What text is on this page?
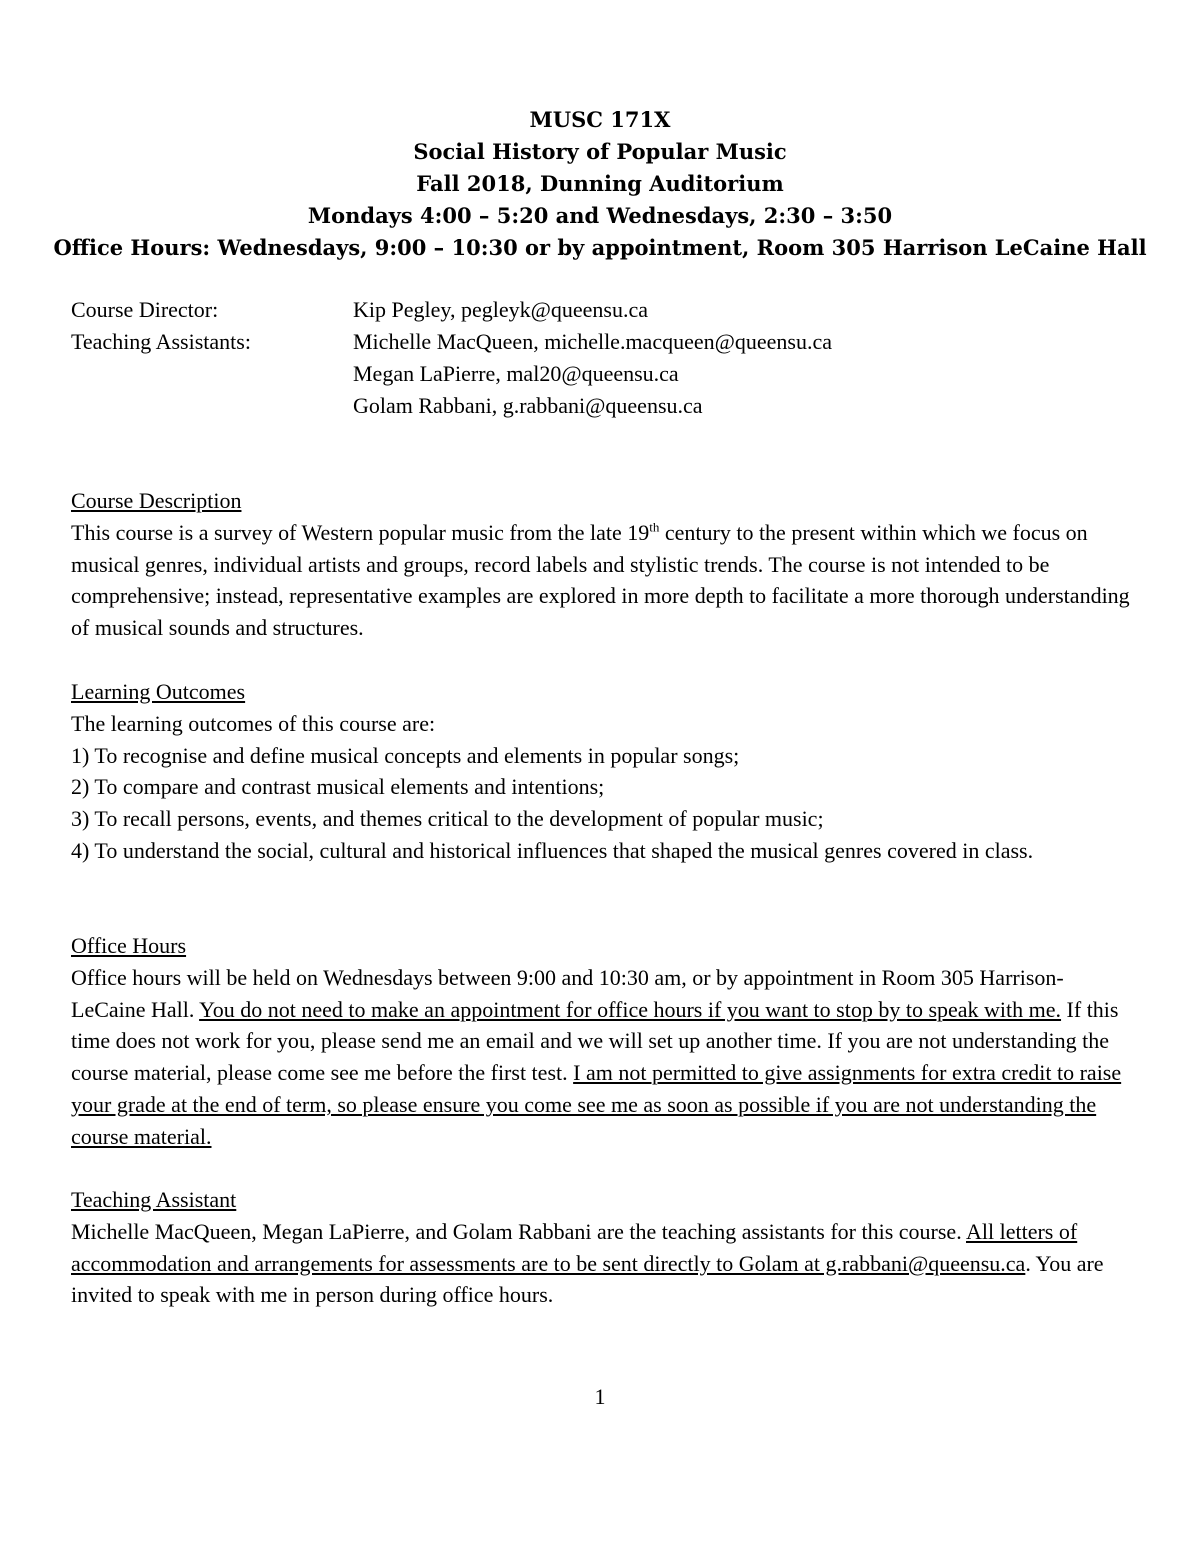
MUSC 171X
Social History of Popular Music
Fall 2018, Dunning Auditorium
Mondays 4:00 – 5:20 and Wednesdays, 2:30 – 3:50
Office Hours: Wednesdays, 9:00 – 10:30 or by appointment, Room 305 Harrison LeCaine Hall
Course Director:	Kip Pegley, pegleyk@queensu.ca
Teaching Assistants:	Michelle MacQueen, michelle.macqueen@queensu.ca
Megan LaPierre, mal20@queensu.ca
Golam Rabbani, g.rabbani@queensu.ca

Course Description

This course is a survey of Western popular music from the late 19th century to the present within which we focus on musical genres, individual artists and groups, record labels and stylistic trends. The course is not intended to be comprehensive; instead, representative examples are explored in more depth to facilitate a more thorough understanding of musical sounds and structures.

Learning Outcomes

The learning outcomes of this course are:

1) To recognise and define musical concepts and elements in popular songs;

2) To compare and contrast musical elements and intentions;

3) To recall persons, events, and themes critical to the development of popular music;

4) To understand the social, cultural and historical influences that shaped the musical genres covered in class.

Office Hours

Office hours will be held on Wednesdays between 9:00 and 10:30 am, or by appointment in Room 305 Harrison-LeCaine Hall. You do not need to make an appointment for office hours if you want to stop by to speak with me. If this time does not work for you, please send me an email and we will set up another time. If you are not understanding the course material, please come see me before the first test. I am not permitted to give assignments for extra credit to raise your grade at the end of term, so please ensure you come see me as soon as possible if you are not understanding the course material.

Teaching Assistant

Michelle MacQueen, Megan LaPierre, and Golam Rabbani are the teaching assistants for this course. All letters of accommodation and arrangements for assessments are to be sent directly to Golam at g.rabbani@queensu.ca. You are invited to speak with me in person during office hours.

1
